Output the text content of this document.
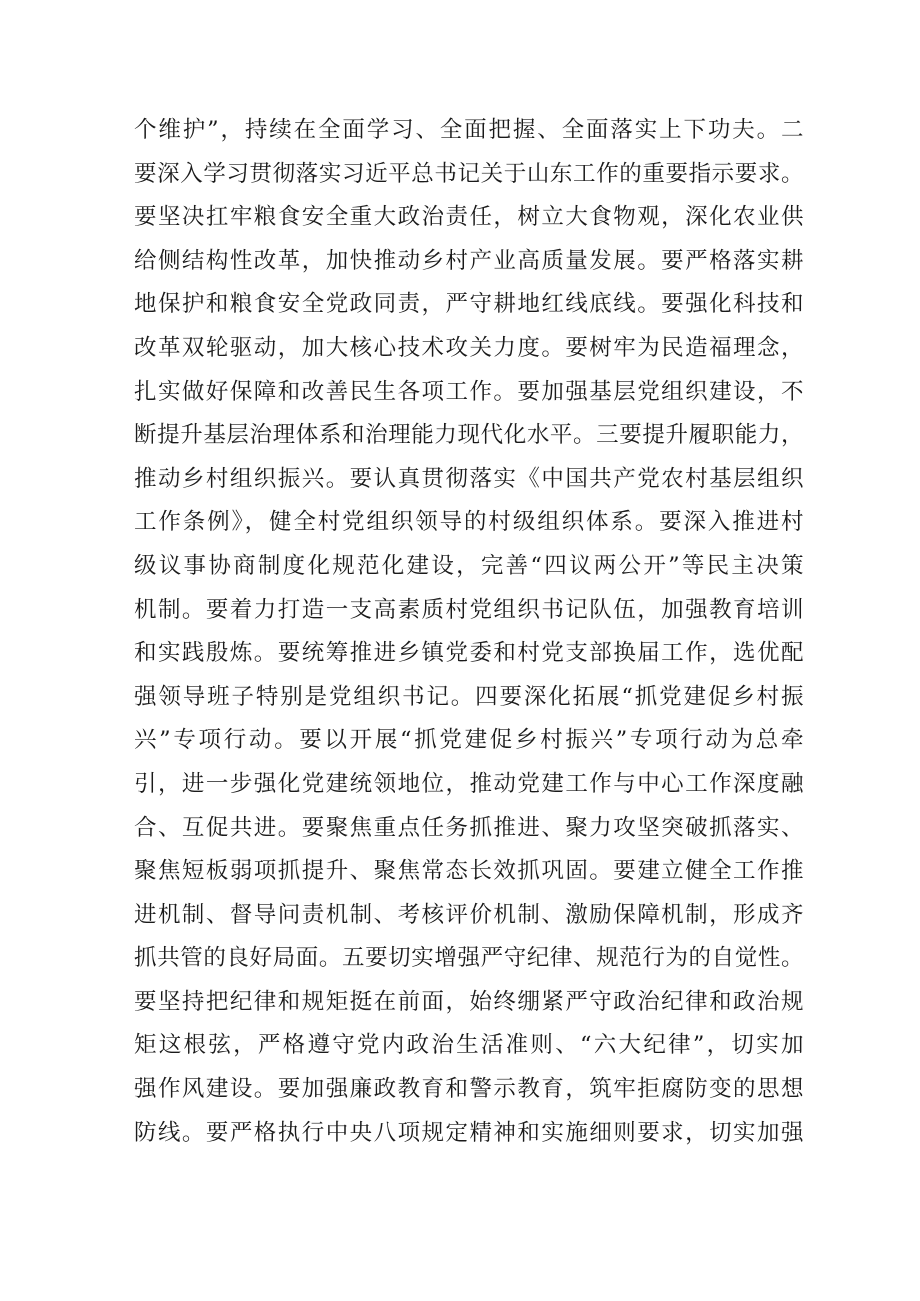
个维护”，持续在全面学习、全面把握、全面落实上下功夫。二
要深入学习贯彻落实习近平总书记关于山东工作的重要指示要求。
要坚决扛牢粮食安全重大政治责任，树立大食物观，深化农业供
给侧结构性改革，加快推动乡村产业高质量发展。要严格落实耕
地保护和粮食安全党政同责，严守耕地红线底线。要强化科技和
改革双轮驱动，加大核心技术攻关力度。要树牢为民造福理念，
扎实做好保障和改善民生各项工作。要加强基层党组织建设，不
断提升基层治理体系和治理能力现代化水平。三要提升履职能力，
推动乡村组织振兴。要认真贯彻落实《中国共产党农村基层组织
工作条例》，健全村党组织领导的村级组织体系。要深入推进村
级议事协商制度化规范化建设，完善“四议两公开”等民主决策
机制。要着力打造一支高素质村党组织书记队伍，加强教育培训
和实践殷炼。要统筹推进乡镇党委和村党支部换届工作，选优配
强领导班子特别是党组织书记。四要深化拓展“抓党建促乡村振
兴”专项行动。要以开展“抓党建促乡村振兴”专项行动为总牵
引，进一步强化党建统领地位，推动党建工作与中心工作深度融
合、互促共进。要聚焦重点任务抓推进、聚力攻坚突破抓落实、
聚焦短板弱项抓提升、聚焦常态长效抓巩固。要建立健全工作推
进机制、督导问责机制、考核评价机制、激励保障机制，形成齐
抓共管的良好局面。五要切实增强严守纪律、规范行为的自觉性。
要坚持把纪律和规矩挺在前面，始终绷紧严守政治纪律和政治规
矩这根弦，严格遵守党内政治生活准则、“六大纪律”，切实加
强作风建设。要加强廉政教育和警示教育，筑牢拒腐防变的思想
防线。要严格执行中央八项规定精神和实施细则要求，切实加强
